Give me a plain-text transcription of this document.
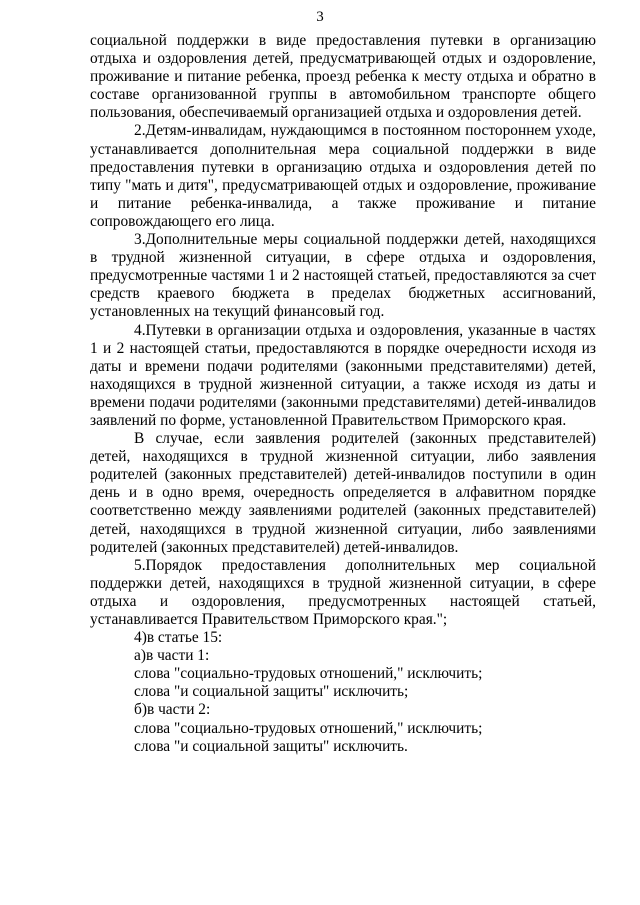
3

социальной поддержки в виде предоставления путевки в организацию отдыха и оздоровления детей, предусматривающей отдых и оздоровление, проживание и питание ребенка, проезд ребенка к месту отдыха и обратно в составе организованной группы в автомобильном транспорте общего пользования, обеспечиваемый организацией отдыха и оздоровления детей.

2.Детям-инвалидам, нуждающимся в постоянном постороннем уходе, устанавливается дополнительная мера социальной поддержки в виде предоставления путевки в организацию отдыха и оздоровления детей по типу "мать и дитя", предусматривающей отдых и оздоровление, проживание и питание ребенка-инвалида, а также проживание и питание сопровождающего его лица.

3.Дополнительные меры социальной поддержки детей, находящихся в трудной жизненной ситуации, в сфере отдыха и оздоровления, предусмотренные частями 1 и 2 настоящей статьей, предоставляются за счет средств краевого бюджета в пределах бюджетных ассигнований, установленных на текущий финансовый год.

4.Путевки в организации отдыха и оздоровления, указанные в частях 1 и 2 настоящей статьи, предоставляются в порядке очередности исходя из даты и времени подачи родителями (законными представителями) детей, находящихся в трудной жизненной ситуации, а также исходя из даты и времени подачи родителями (законными представителями) детей-инвалидов заявлений по форме, установленной Правительством Приморского края.

В случае, если заявления родителей (законных представителей) детей, находящихся в трудной жизненной ситуации, либо заявления родителей (законных представителей) детей-инвалидов поступили в один день и в одно время, очередность определяется в алфавитном порядке соответственно между заявлениями родителей (законных представителей) детей, находящихся в трудной жизненной ситуации, либо заявлениями родителей (законных представителей) детей-инвалидов.

5.Порядок предоставления дополнительных мер социальной поддержки детей, находящихся в трудной жизненной ситуации, в сфере отдыха и оздоровления, предусмотренных настоящей статьей, устанавливается Правительством Приморского края.";

4)в статье 15:

а)в части 1:

слова "социально-трудовых отношений," исключить;

слова "и социальной защиты" исключить;

б)в части 2:

слова "социально-трудовых отношений," исключить;

слова "и социальной защиты" исключить.
